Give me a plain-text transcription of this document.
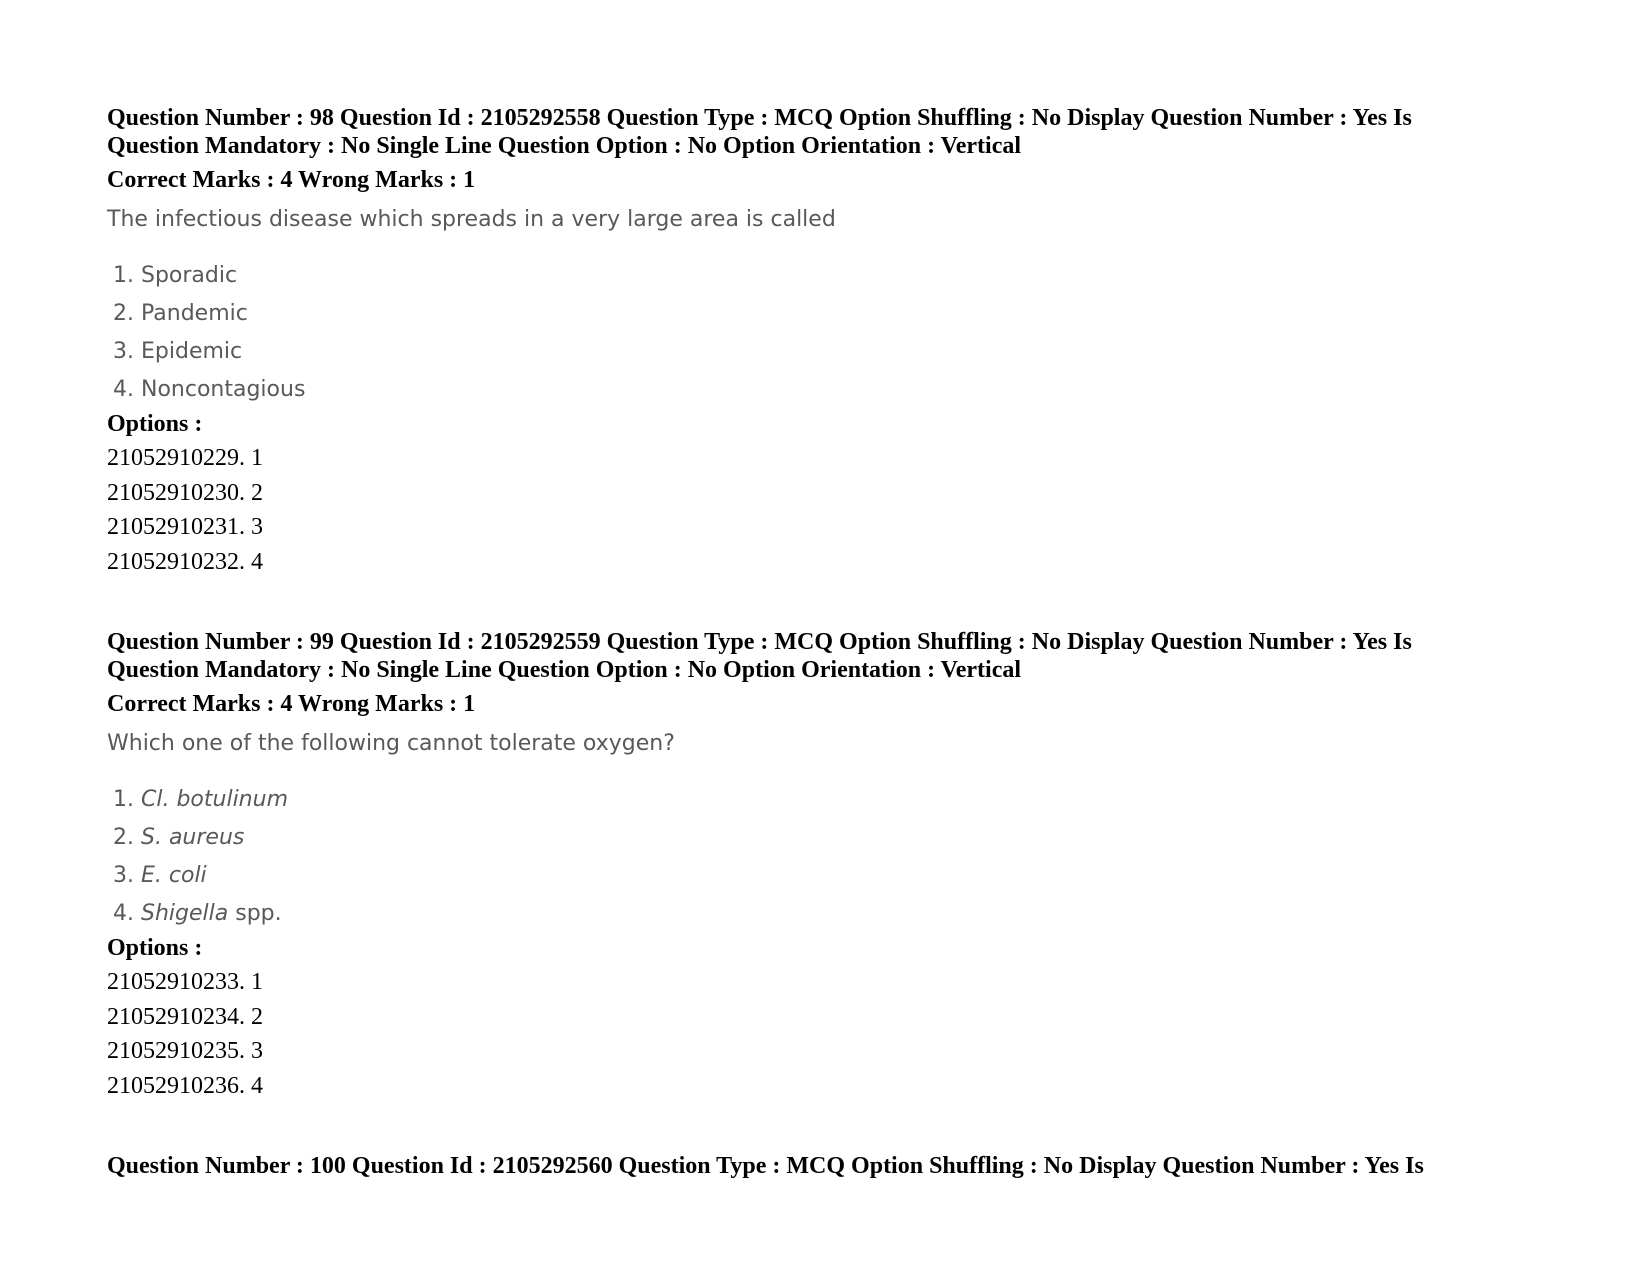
Question Number : 98 Question Id : 2105292558 Question Type : MCQ Option Shuffling : No Display Question Number : Yes Is
Question Mandatory : No Single Line Question Option : No Option Orientation : Vertical
Correct Marks : 4 Wrong Marks : 1
The infectious disease which spreads in a very large area is called
1. Sporadic
2. Pandemic
3. Epidemic
4. Noncontagious
Options :
21052910229. 1
21052910230. 2
21052910231. 3
21052910232. 4
Question Number : 99 Question Id : 2105292559 Question Type : MCQ Option Shuffling : No Display Question Number : Yes Is
Question Mandatory : No Single Line Question Option : No Option Orientation : Vertical
Correct Marks : 4 Wrong Marks : 1
Which one of the following cannot tolerate oxygen?
1. Cl. botulinum
2. S. aureus
3. E. coli
4. Shigella spp.
Options :
21052910233. 1
21052910234. 2
21052910235. 3
21052910236. 4
Question Number : 100 Question Id : 2105292560 Question Type : MCQ Option Shuffling : No Display Question Number : Yes Is
